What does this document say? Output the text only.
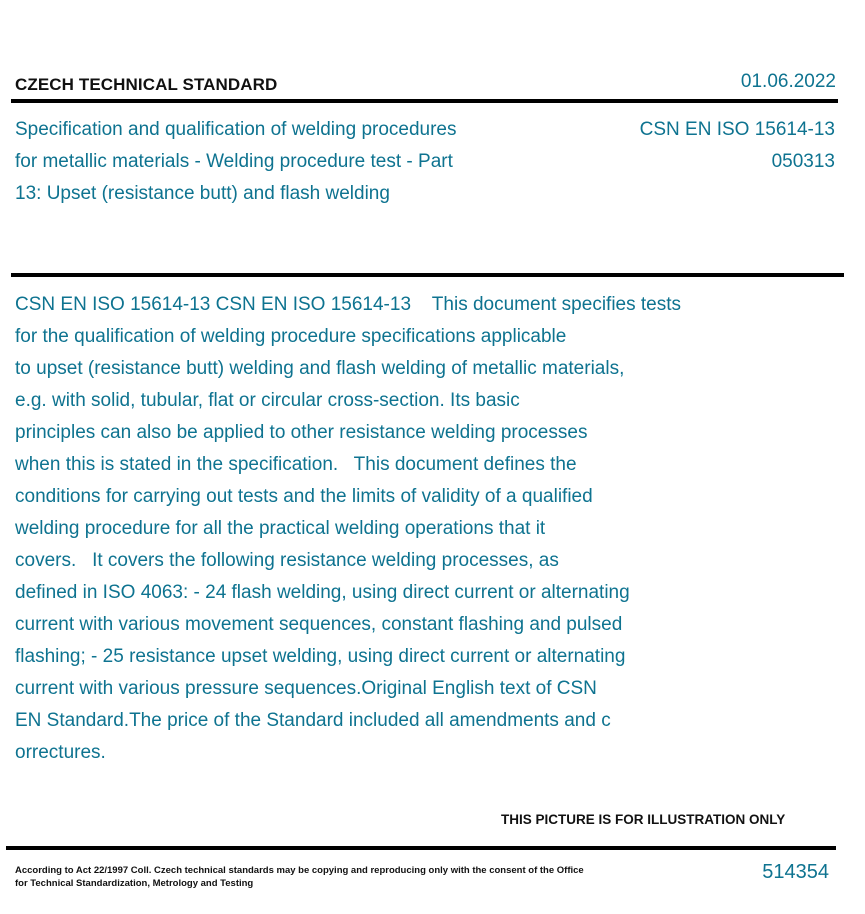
CZECH TECHNICAL STANDARD	01.06.2022
Specification and qualification of welding procedures
for metallic materials - Welding procedure test - Part
13: Upset (resistance butt) and flash welding
CSN EN ISO 15614-13
050313
CSN EN ISO 15614-13 CSN EN ISO 15614-13    This document specifies tests
for the qualification of welding procedure specifications applicable
to upset (resistance butt) welding and flash welding of metallic materials,
e.g. with solid, tubular, flat or circular cross-section. Its basic
principles can also be applied to other resistance welding processes
when this is stated in the specification.   This document defines the
conditions for carrying out tests and the limits of validity of a qualified
welding procedure for all the practical welding operations that it
covers.   It covers the following resistance welding processes, as
defined in ISO 4063: - 24 flash welding, using direct current or alternating
current with various movement sequences, constant flashing and pulsed
flashing; - 25 resistance upset welding, using direct current or alternating
current with various pressure sequences.Original English text of CSN
EN Standard.The price of the Standard included all amendments and c
orrectures.
THIS PICTURE IS FOR ILLUSTRATION ONLY
According to Act 22/1997 Coll. Czech technical standards may be copying and reproducing only with the consent of the Office
for Technical Standardization, Metrology and Testing
514354
